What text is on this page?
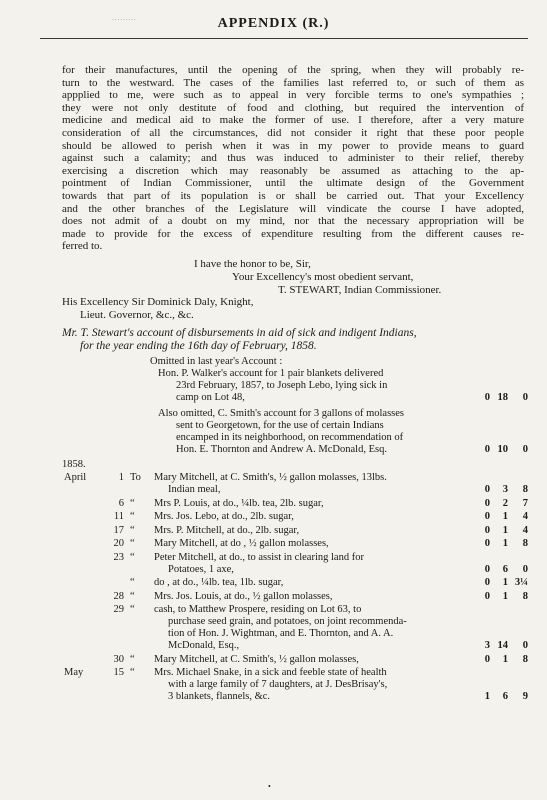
.........	APPENDIX (R.)
for their manufactures, until the opening of the spring, when they will probably re-
turn to the westward. The cases of the families last referred to, or such of them as
appplied to me, were such as to appeal in very forcible terms to one's sympathies ;
they were not only destitute of food and clothing, but required the intervention of
medicine and medical aid to make the former of use. I therefore, after a very mature
consideration of all the circumstances, did not consider it right that these poor people
should be allowed to perish when it was in my power to provide means to guard
against such a calamity; and thus was induced to administer to their relief, thereby
exercising a discretion which may reasonably be assumed as attaching to the ap-
pointment of Indian Commissioner, until the ultimate design of the Government
towards that part of its population is or shall be carried out. That your Excellency
and the other branches of the Legislature will vindicate the course I have adopted,
does not admit of a doubt on my mind, nor that the necessary appropriation will be
made to provide for the excess of expenditure resulting from the different causes re-
ferred to.
I have the honor to be, Sir,
Your Excellency's most obedient servant,
T. STEWART, Indian Commissioner.
His Excellency Sir Dominick Daly, Knight,
Lieut. Governor, &c., &c.
Mr. T. Stewart's account of disbursements in aid of sick and indigent Indians,
for the year ending the 16th day of February, 1858.
Omitted in last year's Account :
Hon. P. Walker's account for 1 pair blankets delivered
23rd February, 1857, to Joseph Lebo, lying sick in
camp on Lot 48,	0 18	0
Also omitted, C. Smith's account for 3 gallons of molasses
sent to Georgetown, for the use of certain Indians
encamped in its neighborhood, on recommendation of
Hon. E. Thornton and Andrew A. McDonald, Esq.	0 10	0
1858.
April	1 To Mary Mitchell, at C. Smith's, ½ gallon molasses, 13lbs.
Indian meal,	0	3	8
6 “ Mrs P. Louis, at do., ¼lb. tea, 2lb. sugar,	0	2	7
11 “ Mrs. Jos. Lebo, at do., 2lb. sugar,	0	1	4
17 “ Mrs. P. Mitchell, at do., 2lb. sugar,	0	1	4
20 “ Mary Mitchell, at do , ½ gallon molasses,	0	1	8
23 “ Peter Mitchell, at do., to assist in clearing land for
Potatoes, 1 axe,	0	6	0
“ do , at do., ¼lb. tea, 1lb. sugar,	0	1 3¼
28 “ Mrs. Jos. Louis, at do., ½ gallon molasses,	0	1	8
29 “ cash, to Matthew Prospere, residing on Lot 63, to
purchase seed grain, and potatoes, on joint recommenda-
tion of Hon. J. Wightman, and E. Thornton, and A. A.
McDonald, Esq.,	3 14	0
30 “ Mary Mitchell, at C. Smith's, ½ gallon molasses,	0	1	8
May	15 “ Mrs. Michael Snake, in a sick and feeble state of health
with a large family of 7 daughters, at J. DesBrisay's,
3 blankets, flannels, &c.	1	6	9
•
